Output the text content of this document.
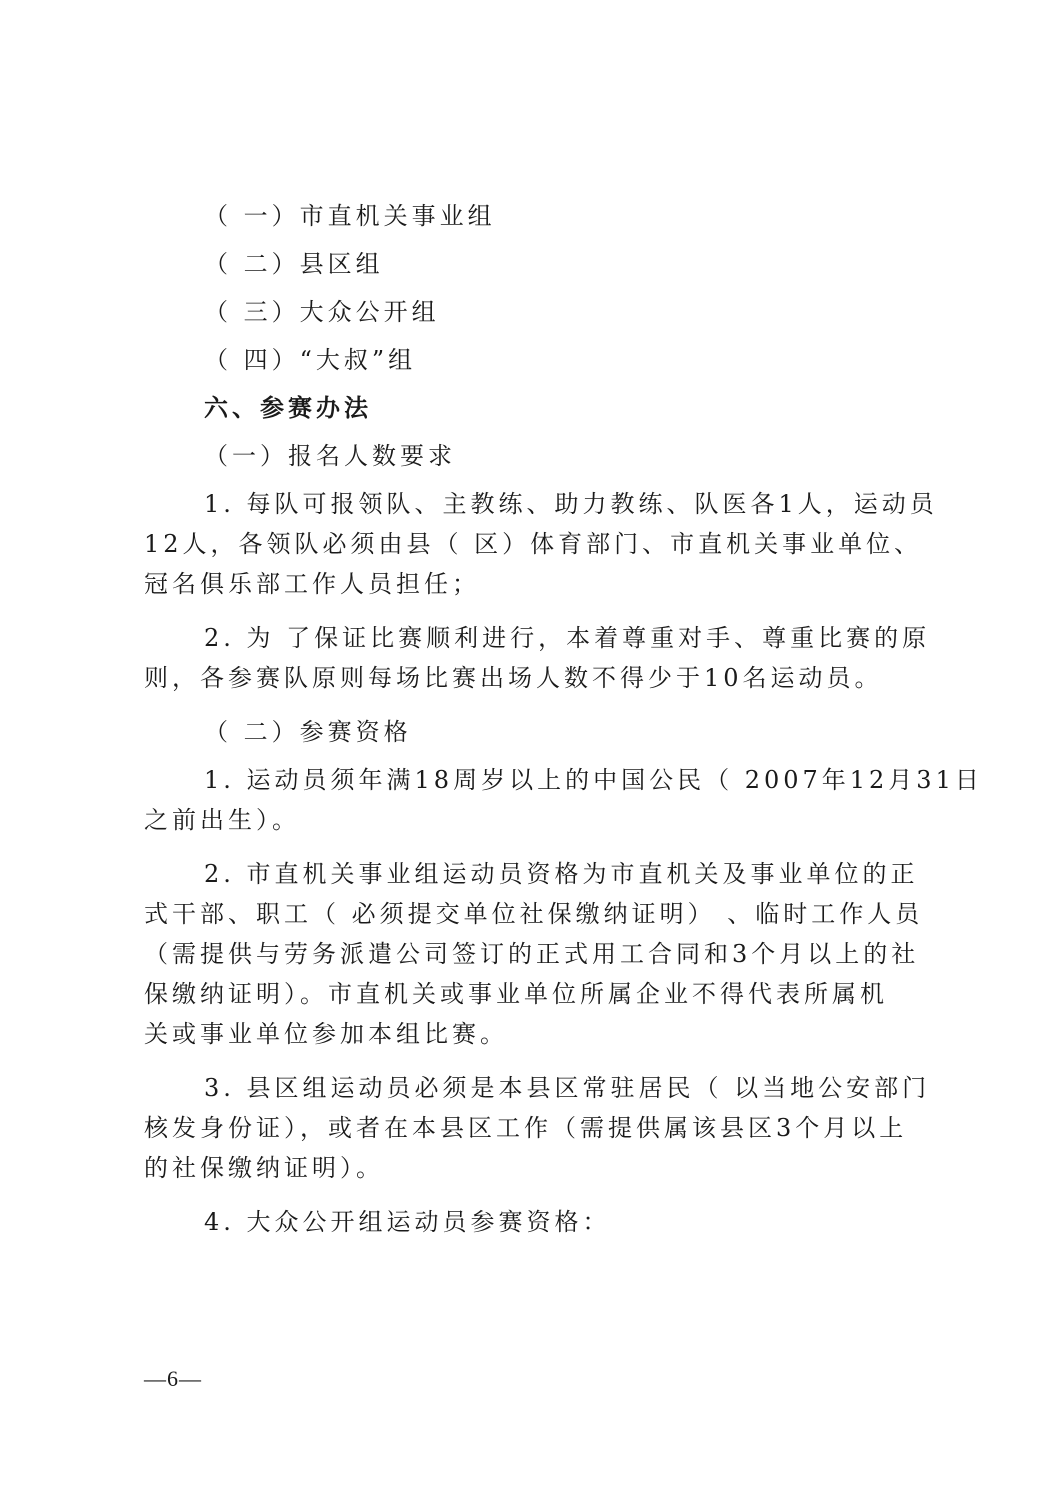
（ 一）市直机关事业组
（ 二）县区组
（ 三）大众公开组
（ 四）“大叔”组
六、参赛办法
（一）报名人数要求
1. 每队可报领队、主教练、助力教练、队医各1人，运动员
12人，各领队必须由县（ 区）体育部门、市直机关事业单位、
冠名俱乐部工作人员担任；
2. 为 了保证比赛顺利进行，本着尊重对手、尊重比赛的原
则，各参赛队原则每场比赛出场人数不得少于10名运动员。
（ 二）参赛资格
1. 运动员须年满18周岁以上的中国公民（ 2007年12月31日
之前出生）。
2. 市直机关事业组运动员资格为市直机关及事业单位的正
式干部、职工（ 必须提交单位社保缴纳证明） 、临时工作人员
（需提供与劳务派遣公司签订的正式用工合同和3个月以上的社
保缴纳证明）。市直机关或事业单位所属企业不得代表所属机
关或事业单位参加本组比赛。
3. 县区组运动员必须是本县区常驻居民（ 以当地公安部门
核发身份证），或者在本县区工作（需提供属该县区3个月以上
的社保缴纳证明）。
4. 大众公开组运动员参赛资格：
—6—
